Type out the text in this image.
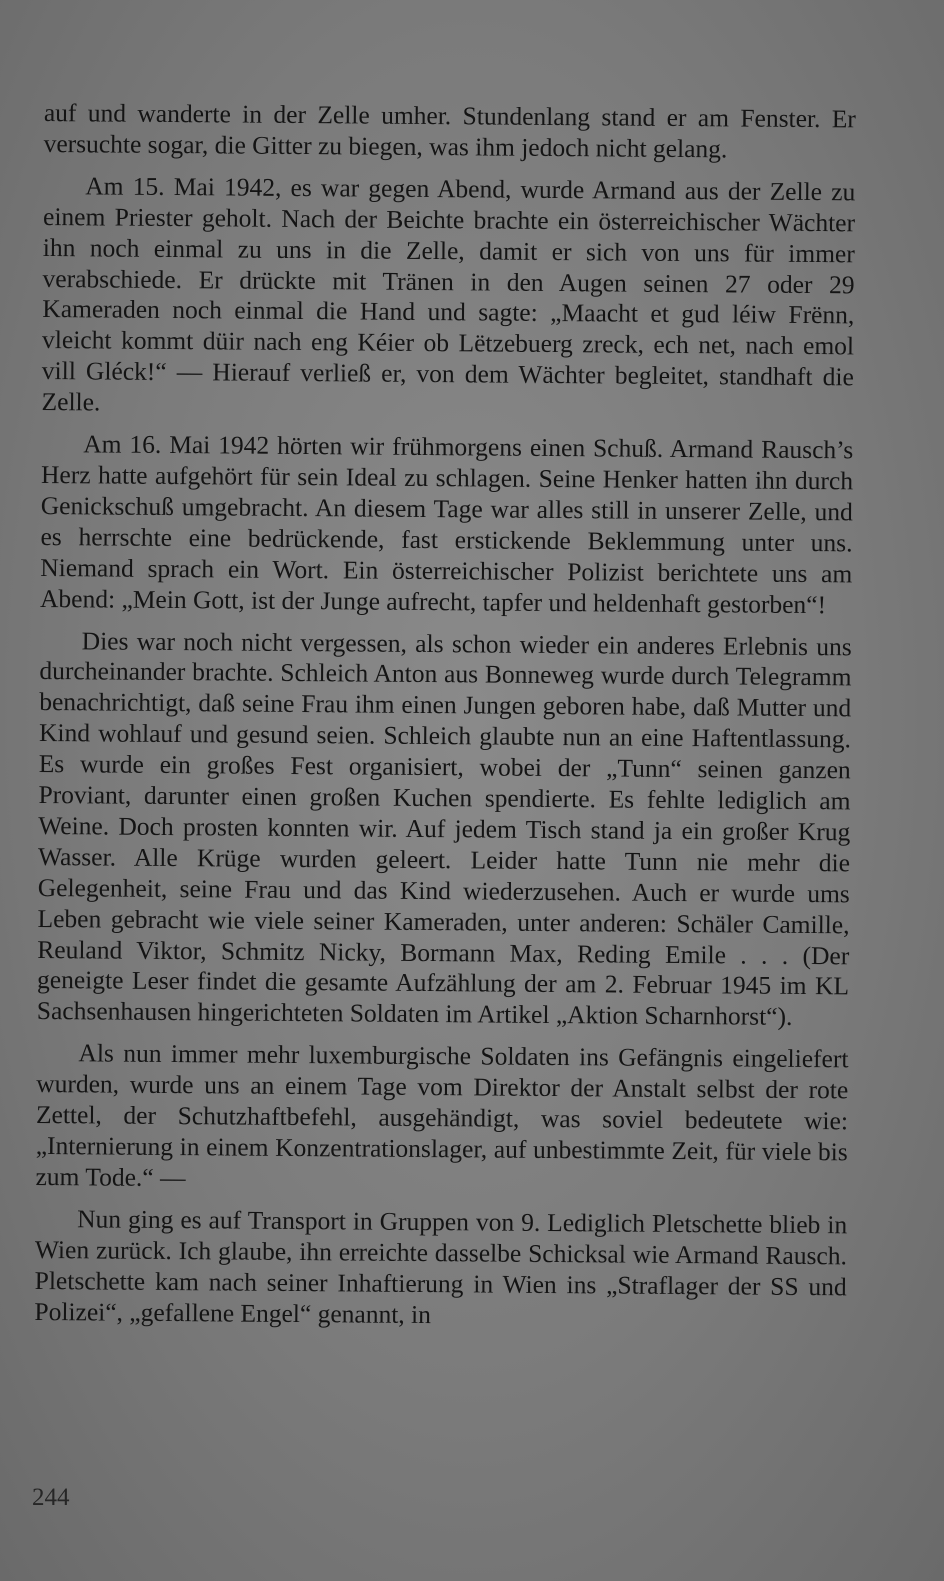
auf und wanderte in der Zelle umher. Stundenlang stand er am Fenster. Er versuchte sogar, die Gitter zu biegen, was ihm jedoch nicht gelang.

Am 15. Mai 1942, es war gegen Abend, wurde Armand aus der Zelle zu einem Priester geholt. Nach der Beichte brachte ein österreichischer Wächter ihn noch einmal zu uns in die Zelle, damit er sich von uns für immer verabschiede. Er drückte mit Tränen in den Augen seinen 27 oder 29 Kameraden noch einmal die Hand und sagte: „Maacht et gud léiw Frënn, vleicht kommt düir nach eng Kéier ob Lëtzebuerg zreck, ech net, nach emol vill Gléck!“ — Hierauf verließ er, von dem Wächter begleitet, standhaft die Zelle.

Am 16. Mai 1942 hörten wir frühmorgens einen Schuß. Armand Rausch’s Herz hatte aufgehört für sein Ideal zu schlagen. Seine Henker hatten ihn durch Genickschuß umgebracht. An diesem Tage war alles still in unserer Zelle, und es herrschte eine bedrückende, fast erstickende Beklemmung unter uns. Niemand sprach ein Wort. Ein österreichischer Polizist berichtete uns am Abend: „Mein Gott, ist der Junge aufrecht, tapfer und heldenhaft gestorben“!

Dies war noch nicht vergessen, als schon wieder ein anderes Erlebnis uns durcheinander brachte. Schleich Anton aus Bonneweg wurde durch Telegramm benachrichtigt, daß seine Frau ihm einen Jungen geboren habe, daß Mutter und Kind wohlauf und gesund seien. Schleich glaubte nun an eine Haftentlassung. Es wurde ein großes Fest organisiert, wobei der „Tunn“ seinen ganzen Proviant, darunter einen großen Kuchen spendierte. Es fehlte lediglich am Weine. Doch prosten konnten wir. Auf jedem Tisch stand ja ein großer Krug Wasser. Alle Krüge wurden geleert. Leider hatte Tunn nie mehr die Gelegenheit, seine Frau und das Kind wiederzusehen. Auch er wurde ums Leben gebracht wie viele seiner Kameraden, unter anderen: Schäler Camille, Reuland Viktor, Schmitz Nicky, Bormann Max, Reding Emile . . . (Der geneigte Leser findet die gesamte Aufzählung der am 2. Februar 1945 im KL Sachsenhausen hingerichteten Soldaten im Artikel „Aktion Scharnhorst“).

Als nun immer mehr luxemburgische Soldaten ins Gefängnis eingeliefert wurden, wurde uns an einem Tage vom Direktor der Anstalt selbst der rote Zettel, der Schutzhaftbefehl, ausgehändigt, was soviel bedeutete wie: „Internierung in einem Konzentrationslager, auf unbestimmte Zeit, für viele bis zum Tode.“ —

Nun ging es auf Transport in Gruppen von 9. Lediglich Pletschette blieb in Wien zurück. Ich glaube, ihn erreichte dasselbe Schicksal wie Armand Rausch. Pletschette kam nach seiner Inhaftierung in Wien ins „Straflager der SS und Polizei“, „gefallene Engel“ genannt, in

244
